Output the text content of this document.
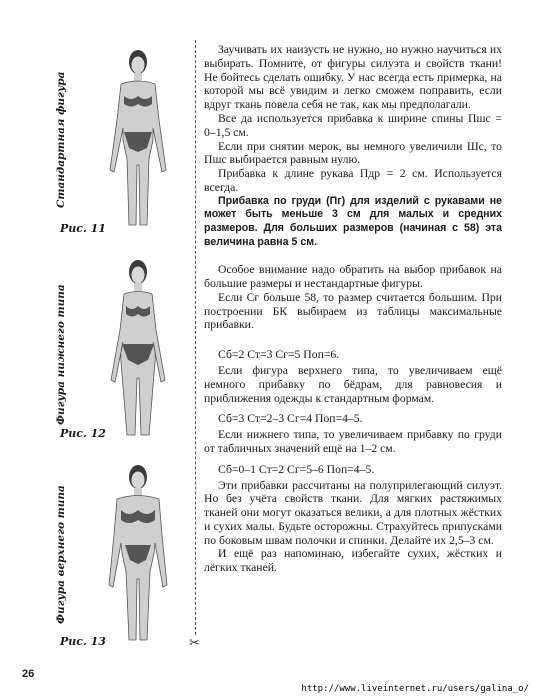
Стандартная фигура
Рис. 11
Фигура нижнего типа
Рис. 12
Фигура верхнего типа
Рис. 13	✂

Заучивать их наизусть не нужно, но нужно научиться их выбирать. Помните, от фигуры силуэта и свойств ткани! Не бойтесь сделать ошибку. У нас всегда есть примерка, на которой мы всё увидим и легко сможем поправить, если вдруг ткань повела себя не так, как мы предполагали.

Все да используется прибавка к ширине спины Пшс = 0–1,5 см.

Если при снятии мерок, вы немного увеличили Шс, то Пшс выбирается равным нулю.

Прибавка к длине рукава Пдр = 2 см. Используется всегда.

Прибавка по груди (Пг) для изделий с рукавами не может быть меньше 3 см для малых и средних размеров. Для больших размеров (начиная с 58) эта величина равна 5 см.

Особое внимание надо обратить на выбор прибавок на большие размеры и нестандартные фигуры.

Если Сг больше 58, то размер считается большим. При построении БК выбираем из таблицы максимальные прибавки.

Сб=2 Ст=3 Сг=5 Поп=6.

Если фигура верхнего типа, то увеличиваем ещё немного прибавку по бёдрам, для равновесия и приближения одежды к стандартным формам.

Сб=3 Ст=2–3 Сг=4 Поп=4–5.

Если нижнего типа, то увеличиваем прибавку по груди от табличных значений ещё на 1–2 см.

Сб=0–1 Ст=2 Сг=5–6 Поп=4–5.

Эти прибавки рассчитаны на полуприлегающий силуэт. Но без учёта свойств ткани. Для мягких растяжимых тканей они могут оказаться велики, а для плотных жёстких и сухих малы. Будьте осторожны. Страхуйтесь припусками по боковым швам полочки и спинки. Делайте их 2,5–3 см.

И ещё раз напоминаю, избегайте сухих, жёстких и лёгких тканей.

26
http://www.liveinternet.ru/users/galina_o/
